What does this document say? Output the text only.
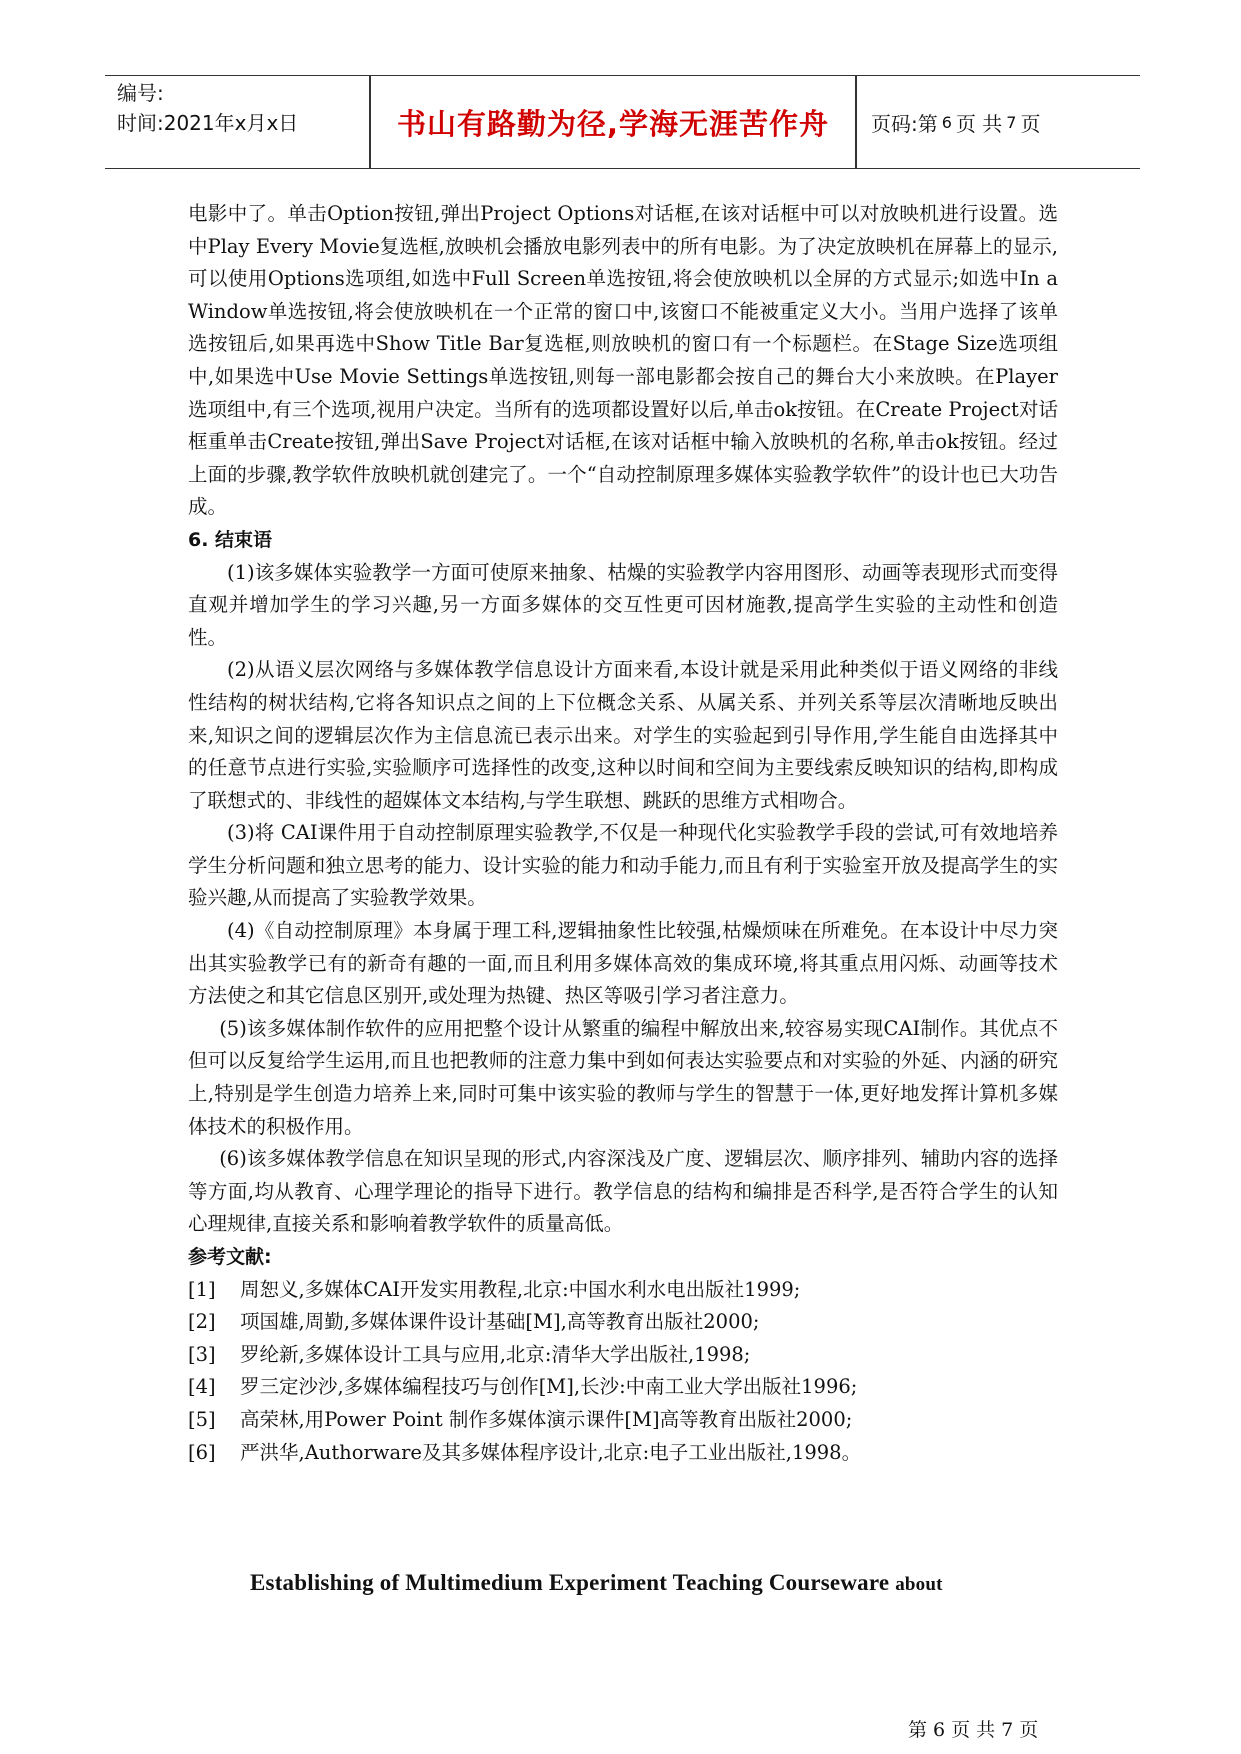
编号:
时间:2021年x月x日	书山有路勤为径,学海无涯苦作舟	页码:第 6 页 共 7 页

电影中了。单击Option按钮,弹出Project Options对话框,在该对话框中可以对放映机进行设置。选中Play Every Movie复选框,放映机会播放电影列表中的所有电影。为了决定放映机在屏幕上的显示,可以使用Options选项组,如选中Full Screen单选按钮,将会使放映机以全屏的方式显示;如选中In a Window单选按钮,将会使放映机在一个正常的窗口中,该窗口不能被重定义大小。当用户选择了该单选按钮后,如果再选中Show Title Bar复选框,则放映机的窗口有一个标题栏。在Stage Size选项组中,如果选中Use Movie Settings单选按钮,则每一部电影都会按自己的舞台大小来放映。在Player选项组中,有三个选项,视用户决定。当所有的选项都设置好以后,单击ok按钮。在Create Project对话框重单击Create按钮,弹出Save Project对话框,在该对话框中输入放映机的名称,单击ok按钮。经过上面的步骤,教学软件放映机就创建完了。一个“自动控制原理多媒体实验教学软件”的设计也已大功告成。

6. 结束语

(1)该多媒体实验教学一方面可使原来抽象、枯燥的实验教学内容用图形、动画等表现形式而变得直观并增加学生的学习兴趣,另一方面多媒体的交互性更可因材施教,提高学生实验的主动性和创造性。

(2)从语义层次网络与多媒体教学信息设计方面来看,本设计就是采用此种类似于语义网络的非线性结构的树状结构,它将各知识点之间的上下位概念关系、从属关系、并列关系等层次清晰地反映出来,知识之间的逻辑层次作为主信息流已表示出来。对学生的实验起到引导作用,学生能自由选择其中的任意节点进行实验,实验顺序可选择性的改变,这种以时间和空间为主要线索反映知识的结构,即构成了联想式的、非线性的超媒体文本结构,与学生联想、跳跃的思维方式相吻合。

(3)将 CAI课件用于自动控制原理实验教学,不仅是一种现代化实验教学手段的尝试,可有效地培养学生分析问题和独立思考的能力、设计实验的能力和动手能力,而且有利于实验室开放及提高学生的实验兴趣,从而提高了实验教学效果。

(4)《自动控制原理》本身属于理工科,逻辑抽象性比较强,枯燥烦味在所难免。在本设计中尽力突出其实验教学已有的新奇有趣的一面,而且利用多媒体高效的集成环境,将其重点用闪烁、动画等技术方法使之和其它信息区别开,或处理为热键、热区等吸引学习者注意力。

(5)该多媒体制作软件的应用把整个设计从繁重的编程中解放出来,较容易实现CAI制作。其优点不但可以反复给学生运用,而且也把教师的注意力集中到如何表达实验要点和对实验的外延、内涵的研究上,特别是学生创造力培养上来,同时可集中该实验的教师与学生的智慧于一体,更好地发挥计算机多媒体技术的积极作用。

(6)该多媒体教学信息在知识呈现的形式,内容深浅及广度、逻辑层次、顺序排列、辅助内容的选择等方面,均从教育、心理学理论的指导下进行。教学信息的结构和编排是否科学,是否符合学生的认知心理规律,直接关系和影响着教学软件的质量高低。

参考文献:

[1]	周恕义,多媒体CAI开发实用教程,北京:中国水利水电出版社1999;
[2]	项国雄,周勤,多媒体课件设计基础[M],高等教育出版社2000;
[3]	罗纶新,多媒体设计工具与应用,北京:清华大学出版社,1998;
[4]	罗三定沙沙,多媒体编程技巧与创作[M],长沙:中南工业大学出版社1996;
[5]	高荣林,用Power Point 制作多媒体演示课件[M]高等教育出版社2000;
[6]	严洪华,Authorware及其多媒体程序设计,北京:电子工业出版社,1998。
Establishing of Multimedium Experiment Teaching Courseware about
第 6 页 共 7 页
